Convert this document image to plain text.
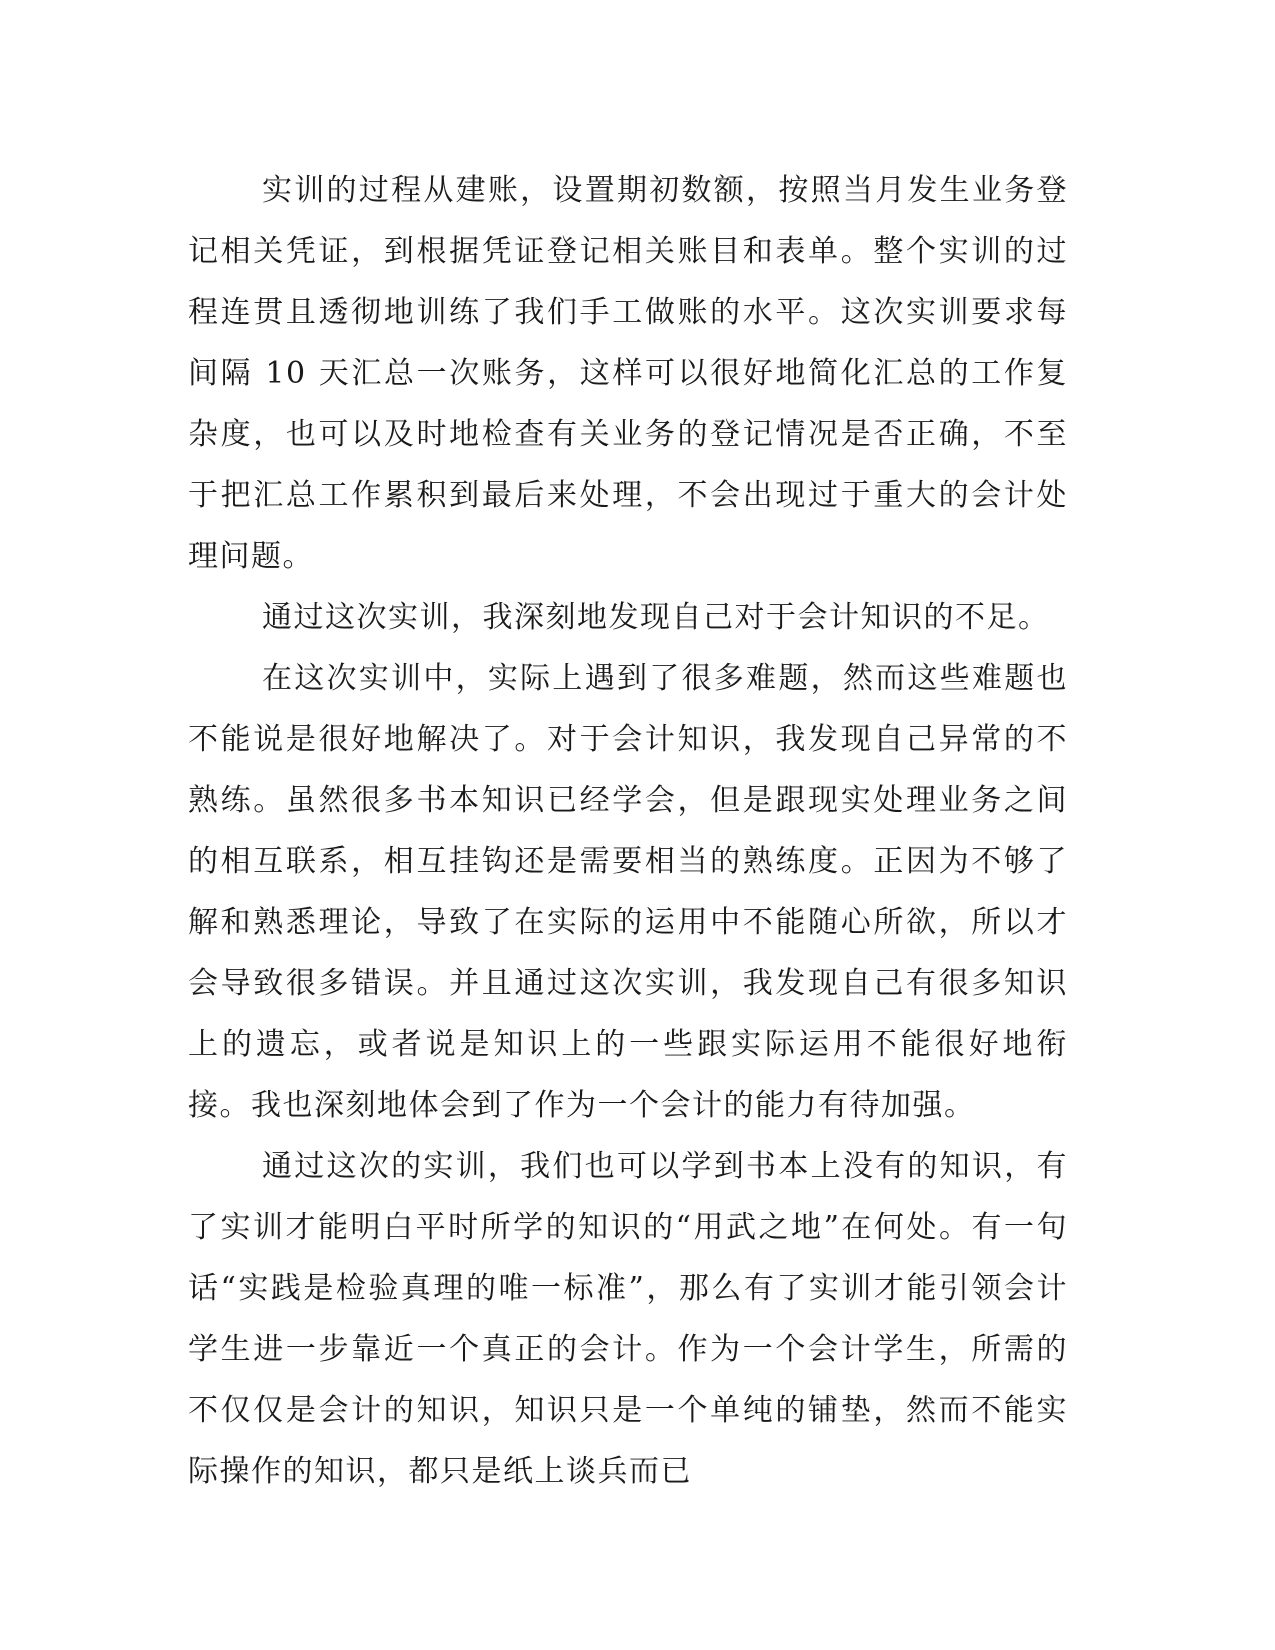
实训的过程从建账，设置期初数额，按照当月发生业务登记相关凭证，到根据凭证登记相关账目和表单。整个实训的过程连贯且透彻地训练了我们手工做账的水平。这次实训要求每间隔 10 天汇总一次账务，这样可以很好地简化汇总的工作复杂度，也可以及时地检查有关业务的登记情况是否正确，不至于把汇总工作累积到最后来处理，不会出现过于重大的会计处理问题。

通过这次实训，我深刻地发现自己对于会计知识的不足。

在这次实训中，实际上遇到了很多难题，然而这些难题也不能说是很好地解决了。对于会计知识，我发现自己异常的不熟练。虽然很多书本知识已经学会，但是跟现实处理业务之间的相互联系，相互挂钩还是需要相当的熟练度。正因为不够了解和熟悉理论，导致了在实际的运用中不能随心所欲，所以才会导致很多错误。并且通过这次实训，我发现自己有很多知识上的遗忘，或者说是知识上的一些跟实际运用不能很好地衔接。我也深刻地体会到了作为一个会计的能力有待加强。

通过这次的实训，我们也可以学到书本上没有的知识，有了实训才能明白平时所学的知识的“用武之地”在何处。有一句话“实践是检验真理的唯一标准”，那么有了实训才能引领会计学生进一步靠近一个真正的会计。作为一个会计学生，所需的不仅仅是会计的知识，知识只是一个单纯的铺垫，然而不能实际操作的知识，都只是纸上谈兵而已
